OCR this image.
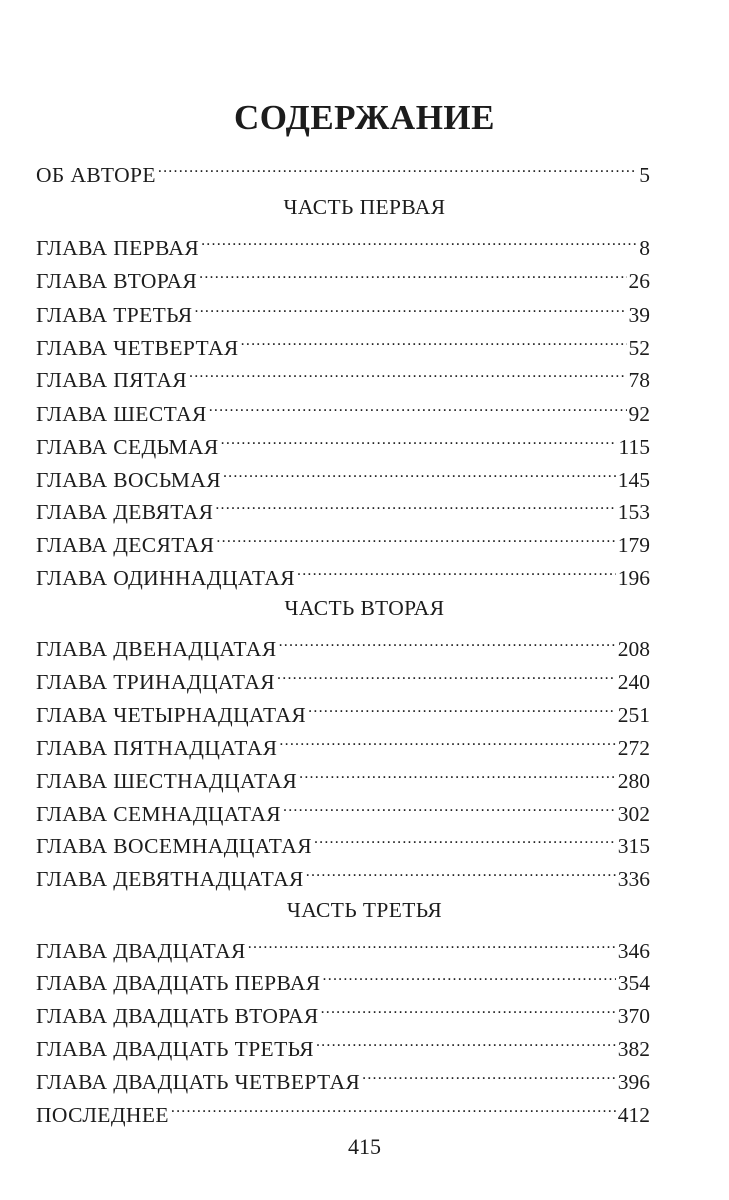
СОДЕРЖАНИЕ
ОБ АВТОРЕ .....	5
ЧАСТЬ ПЕРВАЯ
ГЛАВА ПЕРВАЯ .....	8
ГЛАВА ВТОРАЯ .....	26
ГЛАВА ТРЕТЬЯ .....	39
ГЛАВА ЧЕТВЕРТАЯ .....	52
ГЛАВА ПЯТАЯ .....	78
ГЛАВА ШЕСТАЯ .....	92
ГЛАВА СЕДЬМАЯ .....	115
ГЛАВА ВОСЬМАЯ .....	145
ГЛАВА ДЕВЯТАЯ .....	153
ГЛАВА ДЕСЯТАЯ .....	179
ГЛАВА ОДИННАДЦАТАЯ .....	196
ЧАСТЬ ВТОРАЯ
ГЛАВА ДВЕНАДЦАТАЯ .....	208
ГЛАВА ТРИНАДЦАТАЯ .....	240
ГЛАВА ЧЕТЫРНАДЦАТАЯ .....	251
ГЛАВА ПЯТНАДЦАТАЯ .....	272
ГЛАВА ШЕСТНАДЦАТАЯ .....	280
ГЛАВА СЕМНАДЦАТАЯ .....	302
ГЛАВА ВОСЕМНАДЦАТАЯ .....	315
ГЛАВА ДЕВЯТНАДЦАТАЯ .....	336
ЧАСТЬ ТРЕТЬЯ
ГЛАВА ДВАДЦАТАЯ .....	346
ГЛАВА ДВАДЦАТЬ ПЕРВАЯ .....	354
ГЛАВА ДВАДЦАТЬ ВТОРАЯ .....	370
ГЛАВА ДВАДЦАТЬ ТРЕТЬЯ .....	382
ГЛАВА ДВАДЦАТЬ ЧЕТВЕРТАЯ .....	396
ПОСЛЕДНЕЕ .....	412
415
